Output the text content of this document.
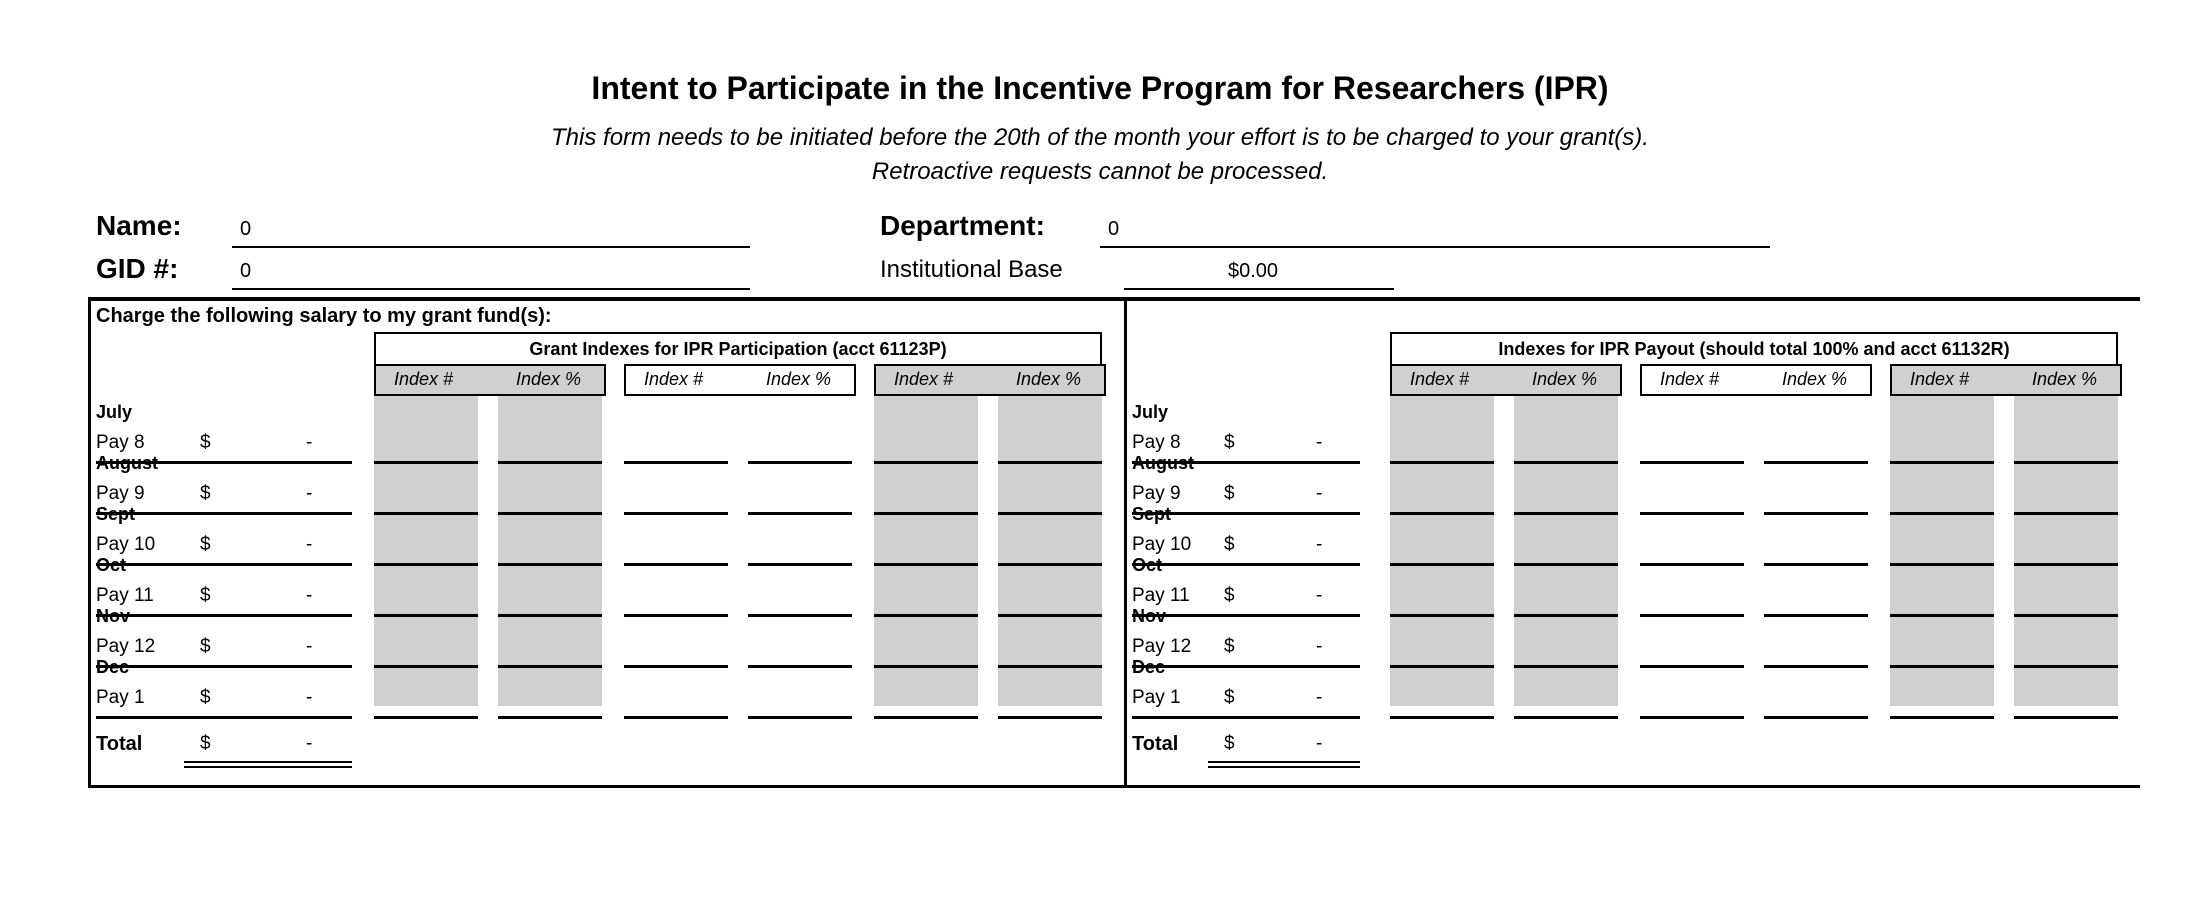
Intent to Participate in the Incentive Program for Researchers (IPR)
This form needs to be initiated before the 20th of the month your effort is to be charged to your grant(s).
Retroactive requests cannot be processed.
Name:	0
GID #:	0
Department:	0
Institutional Base	$0.00
Charge the following salary to my grant fund(s):
Grant Indexes for IPR Participation (acct 61123P)
Index #	Index %	Index #	Index %	Index #	Index %
July
Pay 8	$	-
August
Pay 9	$	-
Sept
Pay 10 $	-
Oct
Pay 11 $	-
Nov
Pay 12 $	-
Dec
Pay 1	$	-
Total	$	-
Indexes for IPR Payout (should total 100% and acct 61132R)
Index #	Index %	Index #	Index %	Index #	Index %
July
Pay 8 $	-
August
Pay 9 $	-
Sept
Pay 10 $	-
Oct
Pay 11 $	-
Nov
Pay 12 $	-
Dec
Pay 1 $	-
Total $	-
